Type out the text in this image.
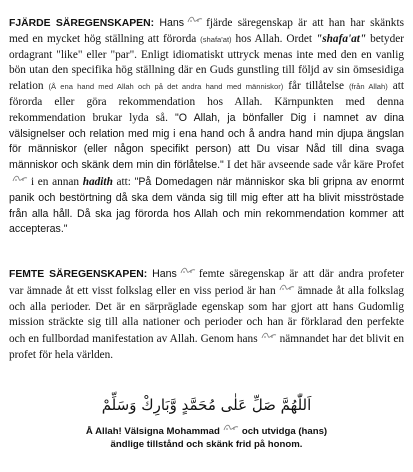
FJÄRDE SÄREGENSKAPEN: Hans fjärde säregenskap är att han har skänkts med en mycket hög ställning att förorda (shafa'at) hos Allah. Ordet "shafa'at" betyder ordagrant "like" eller "par". Enligt idiomatiskt uttryck menas inte med den en vanlig bön utan den specifika hög ställning där en Guds gunstling till följd av sin ömsesidiga relation (Å ena hand med Allah och på det andra hand med människor) får tillåtelse (från Allah) att förorda eller göra rekommendation hos Allah. Kärnpunkten med denna rekommendation brukar lyda så. "O Allah, ja bönfaller Dig i namnet av dina välsignelser och relation med mig i ena hand och å andra hand min djupa ängslan för människor (eller någon specifikt person) att Du visar Nåd till dina svaga människor och skänk dem min din förlåtelse." I det här avseende sade vår käre Profet
i en annan hadith att: "På Domedagen när människor ska bli gripna av enormt panik och bestörtning då ska dem vända sig till mig efter att ha blivit misströstade från alla håll. Då ska jag förorda hos Allah och min rekommendation kommer att accepteras."

FEMTE SÄREGENSKAPEN: Hans femte säregenskap är att där andra profeter var ämnade åt ett visst folkslag eller en viss period är han ämnade åt alla folkslag och alla perioder. Det är en särpräglade egenskap som har gjort att hans Gudomlig mission sträckte sig till alla nationer och perioder och han är förklarad den perfekte och en fullbordad manifestation av Allah. Genom hans nämnandet har det blivit en profet för hela världen.

اَللّٰهُمَّ صَلِّ عَلٰى مُحَمَّدٍ وَّبَارِكْ وَسَلِّمْ
Å Allah! Välsigna Mohammad och utvidga (hans)
ändlige tillstånd och skänk frid på honom.
